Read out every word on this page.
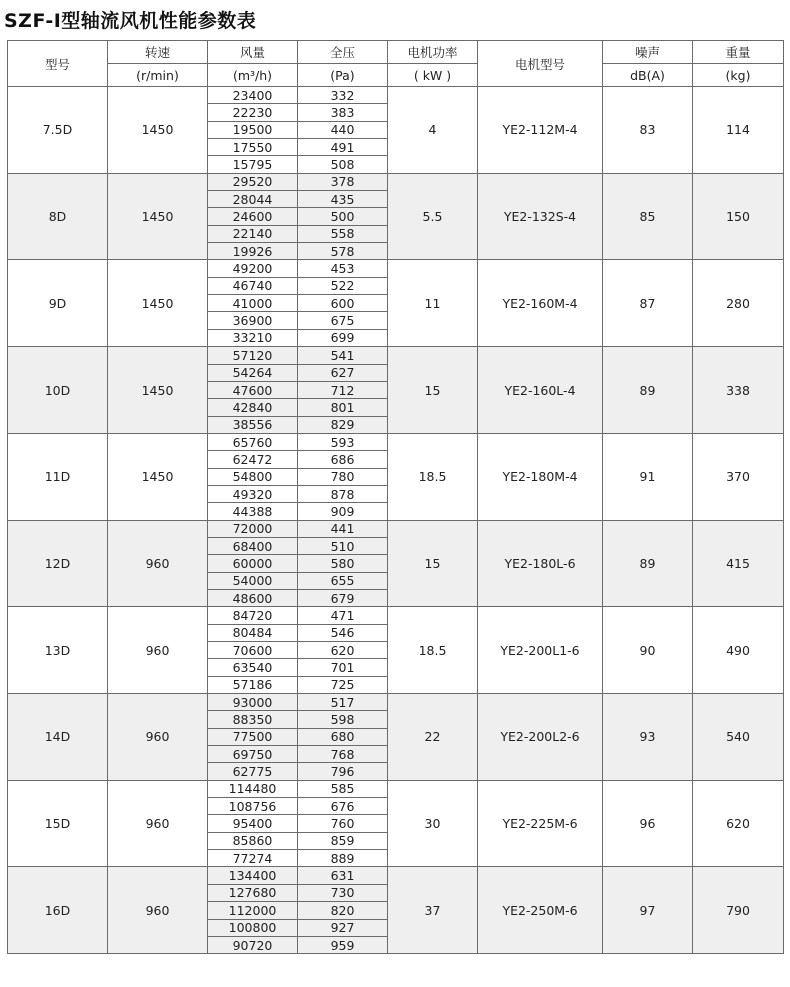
SZF-I型轴流风机性能参数表
型号	转速	风量	全压	电机功率	电机型号	噪声	重量
	(r/min)	(m³/h)	(Pa)	( kW )		dB(A)	(kg)
7.5D	1450	23400	332	4	YE2-112M-4	83	114
		22230	383				
		19500	440				
		17550	491				
		15795	508				
8D	1450	29520	378	5.5	YE2-132S-4	85	150
		28044	435				
		24600	500				
		22140	558				
		19926	578				
9D	1450	49200	453	11	YE2-160M-4	87	280
		46740	522				
		41000	600				
		36900	675				
		33210	699				
10D	1450	57120	541	15	YE2-160L-4	89	338
		54264	627				
		47600	712				
		42840	801				
		38556	829				
11D	1450	65760	593	18.5	YE2-180M-4	91	370
		62472	686				
		54800	780				
		49320	878				
		44388	909				
12D	960	72000	441	15	YE2-180L-6	89	415
		68400	510				
		60000	580				
		54000	655				
		48600	679				
13D	960	84720	471	18.5	YE2-200L1-6	90	490
		80484	546				
		70600	620				
		63540	701				
		57186	725				
14D	960	93000	517	22	YE2-200L2-6	93	540
		88350	598				
		77500	680				
		69750	768				
		62775	796				
15D	960	114480	585	30	YE2-225M-6	96	620
		108756	676				
		95400	760				
		85860	859				
		77274	889				
16D	960	134400	631	37	YE2-250M-6	97	790
		127680	730				
		112000	820				
		100800	927				
		90720	959				
